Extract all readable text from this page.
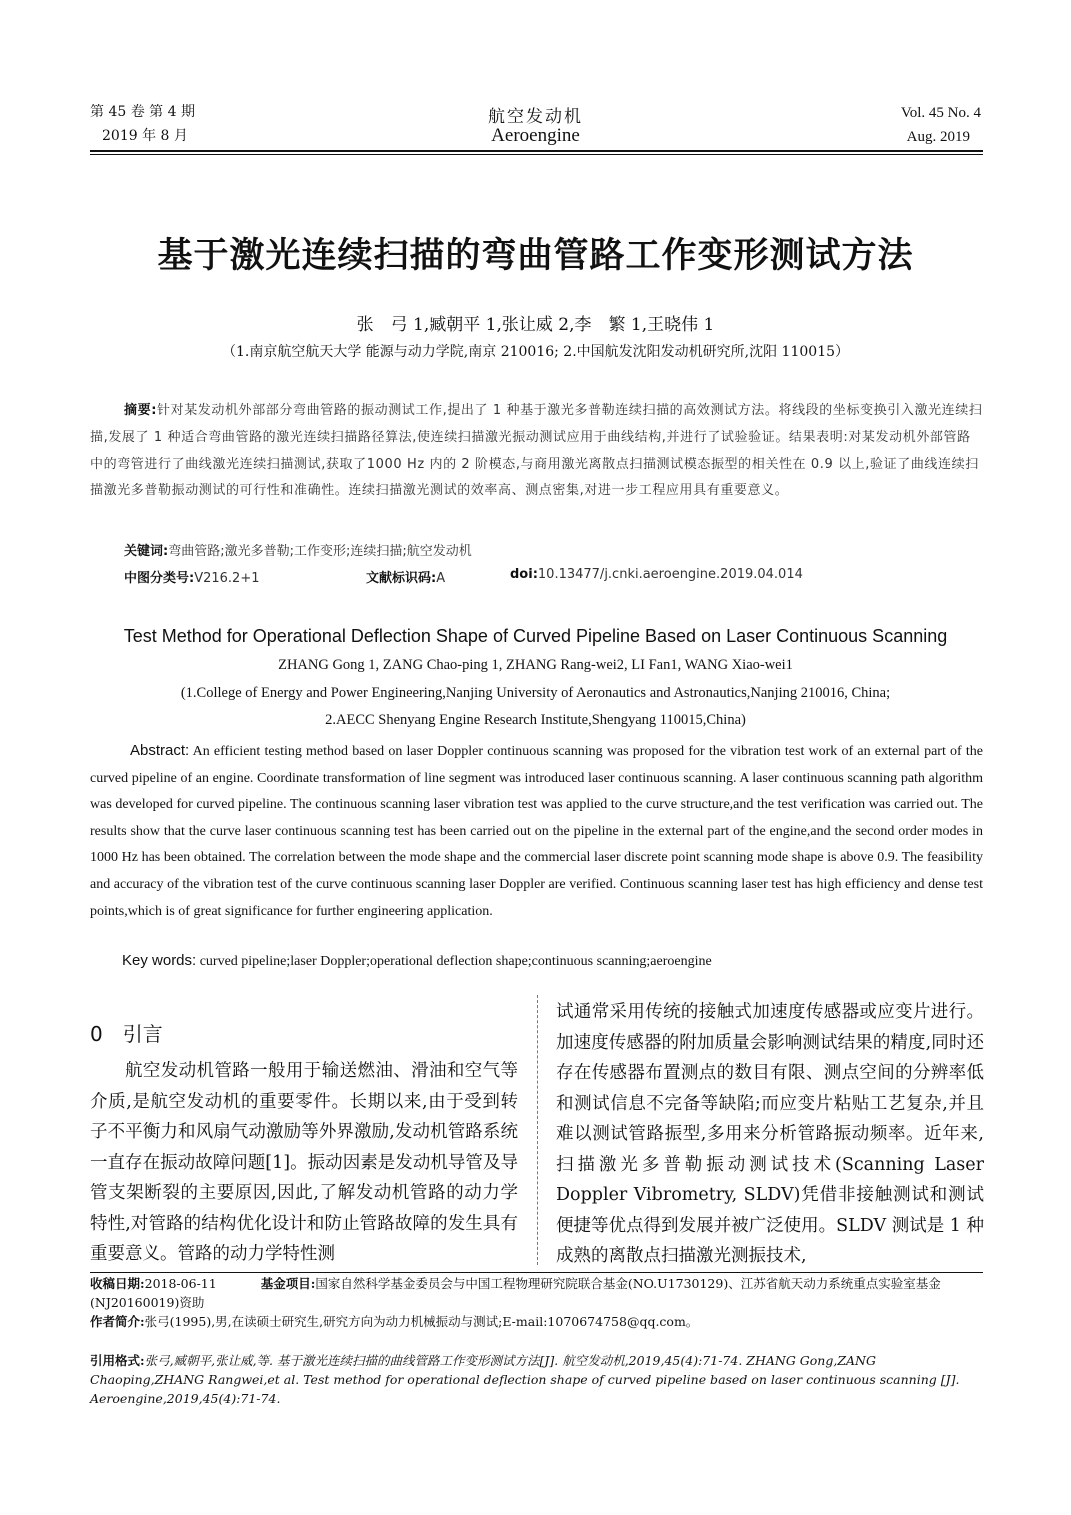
第 45 卷 第 4 期
2019 年 8 月
航空发动机
Aeroengine
Vol. 45 No. 4
Aug. 2019
基于激光连续扫描的弯曲管路工作变形测试方法
张　弓 1,臧朝平 1,张让威 2,李　繁 1,王晓伟 1
（1.南京航空航天大学 能源与动力学院,南京 210016; 2.中国航发沈阳发动机研究所,沈阳 110015）
摘要:针对某发动机外部部分弯曲管路的振动测试工作,提出了 1 种基于激光多普勒连续扫描的高效测试方法。将线段的坐标变换引入激光连续扫描,发展了 1 种适合弯曲管路的激光连续扫描路径算法,使连续扫描激光振动测试应用于曲线结构,并进行了试验验证。结果表明:对某发动机外部管路中的弯管进行了曲线激光连续扫描测试,获取了1000 Hz 内的 2 阶模态,与商用激光离散点扫描测试模态振型的相关性在 0.9 以上,验证了曲线连续扫描激光多普勒振动测试的可行性和准确性。连续扫描激光测试的效率高、测点密集,对进一步工程应用具有重要意义。
关键词:弯曲管路;激光多普勒;工作变形;连续扫描;航空发动机
中图分类号:V216.2+1	文献标识码:A	doi:10.13477/j.cnki.aeroengine.2019.04.014
Test Method for Operational Deflection Shape of Curved Pipeline Based on Laser Continuous Scanning
ZHANG Gong 1, ZANG Chao-ping 1, ZHANG Rang-wei2, LI Fan1, WANG Xiao-wei1
(1.College of Energy and Power Engineering,Nanjing University of Aeronautics and Astronautics,Nanjing 210016, China;
2.AECC Shenyang Engine Research Institute,Shengyang 110015,China)
Abstract: An efficient testing method based on laser Doppler continuous scanning was proposed for the vibration test work of an external part of the curved pipeline of an engine. Coordinate transformation of line segment was introduced laser continuous scanning. A laser continuous scanning path algorithm was developed for curved pipeline. The continuous scanning laser vibration test was applied to the curve structure,and the test verification was carried out. The results show that the curve laser continuous scanning test has been carried out on the pipeline in the external part of the engine,and the second order modes in 1000 Hz has been obtained. The correlation between the mode shape and the commercial laser discrete point scanning mode shape is above 0.9. The feasibility and accuracy of the vibration test of the curve continuous scanning laser Doppler are verified. Continuous scanning laser test has high efficiency and dense test points,which is of great significance for further engineering application.
Key words: curved pipeline;laser Doppler;operational deflection shape;continuous scanning;aeroengine
0　引言

航空发动机管路一般用于输送燃油、滑油和空气等介质,是航空发动机的重要零件。长期以来,由于受到转子不平衡力和风扇气动激励等外界激励,发动机管路系统一直存在振动故障问题[1]。振动因素是发动机导管及导管支架断裂的主要原因,因此,了解发动机管路的动力学特性,对管路的结构优化设计和防止管路故障的发生具有重要意义。管路的动力学特性测

试通常采用传统的接触式加速度传感器或应变片进行。加速度传感器的附加质量会影响测试结果的精度,同时还存在传感器布置测点的数目有限、测点空间的分辨率低和测试信息不完备等缺陷;而应变片粘贴工艺复杂,并且难以测试管路振型,多用来分析管路振动频率。近年来,扫描激光多普勒振动测试技术(Scanning Laser Doppler Vibrometry, SLDV)凭借非接触测试和测试便捷等优点得到发展并被广泛使用。SLDV 测试是 1 种成熟的离散点扫描激光测振技术,

收稿日期:2018-06-11	基金项目:国家自然科学基金委员会与中国工程物理研究院联合基金(NO.U1730129)、江苏省航天动力系统重点实验室基金(NJ20160019)资助
作者简介:张弓(1995),男,在读硕士研究生,研究方向为动力机械振动与测试;E-mail:1070674758@qq.com。
引用格式:张弓,臧朝平,张让威,等. 基于激光连续扫描的曲线管路工作变形测试方法[J]. 航空发动机,2019,45(4):71-74. ZHANG Gong,ZANG Chaoping,ZHANG Rangwei,et al. Test method for operational deflection shape of curved pipeline based on laser continuous scanning [J]. Aeroengine,2019,45(4):71-74.
